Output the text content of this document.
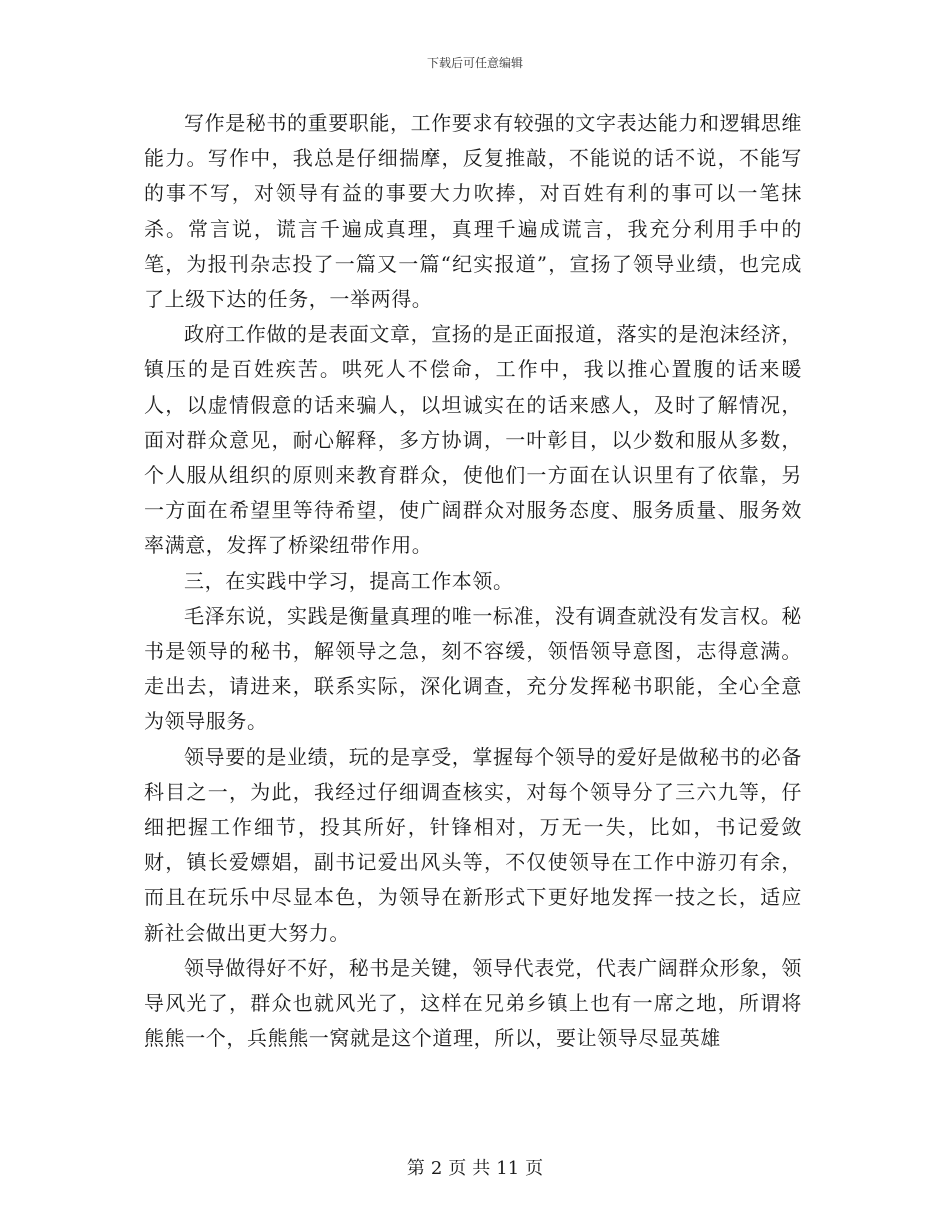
下载后可任意编辑

写作是秘书的重要职能，工作要求有较强的文字表达能力和逻辑思维能力。写作中，我总是仔细揣摩，反复推敲，不能说的话不说，不能写的事不写，对领导有益的事要大力吹捧，对百姓有利的事可以一笔抹杀。常言说，谎言千遍成真理，真理千遍成谎言，我充分利用手中的笔，为报刊杂志投了一篇又一篇“纪实报道”，宣扬了领导业绩，也完成了上级下达的任务，一举两得。

政府工作做的是表面文章，宣扬的是正面报道，落实的是泡沫经济，镇压的是百姓疾苦。哄死人不偿命，工作中，我以推心置腹的话来暖人，以虚情假意的话来骗人，以坦诚实在的话来感人，及时了解情况，面对群众意见，耐心解释，多方协调，一叶彰目，以少数和服从多数，个人服从组织的原则来教育群众，使他们一方面在认识里有了依靠，另一方面在希望里等待希望，使广阔群众对服务态度、服务质量、服务效率满意，发挥了桥梁纽带作用。

三，在实践中学习，提高工作本领。

毛泽东说，实践是衡量真理的唯一标准，没有调查就没有发言权。秘书是领导的秘书，解领导之急，刻不容缓，领悟领导意图，志得意满。走出去，请进来，联系实际，深化调查，充分发挥秘书职能，全心全意为领导服务。

领导要的是业绩，玩的是享受，掌握每个领导的爱好是做秘书的必备科目之一，为此，我经过仔细调查核实，对每个领导分了三六九等，仔细把握工作细节，投其所好，针锋相对，万无一失，比如，书记爱敛财，镇长爱嫖娼，副书记爱出风头等，不仅使领导在工作中游刃有余，而且在玩乐中尽显本色，为领导在新形式下更好地发挥一技之长，适应新社会做出更大努力。

领导做得好不好，秘书是关键，领导代表党，代表广阔群众形象，领导风光了，群众也就风光了，这样在兄弟乡镇上也有一席之地，所谓将熊熊一个，兵熊熊一窝就是这个道理，所以，要让领导尽显英雄

第 2 页 共 11 页
